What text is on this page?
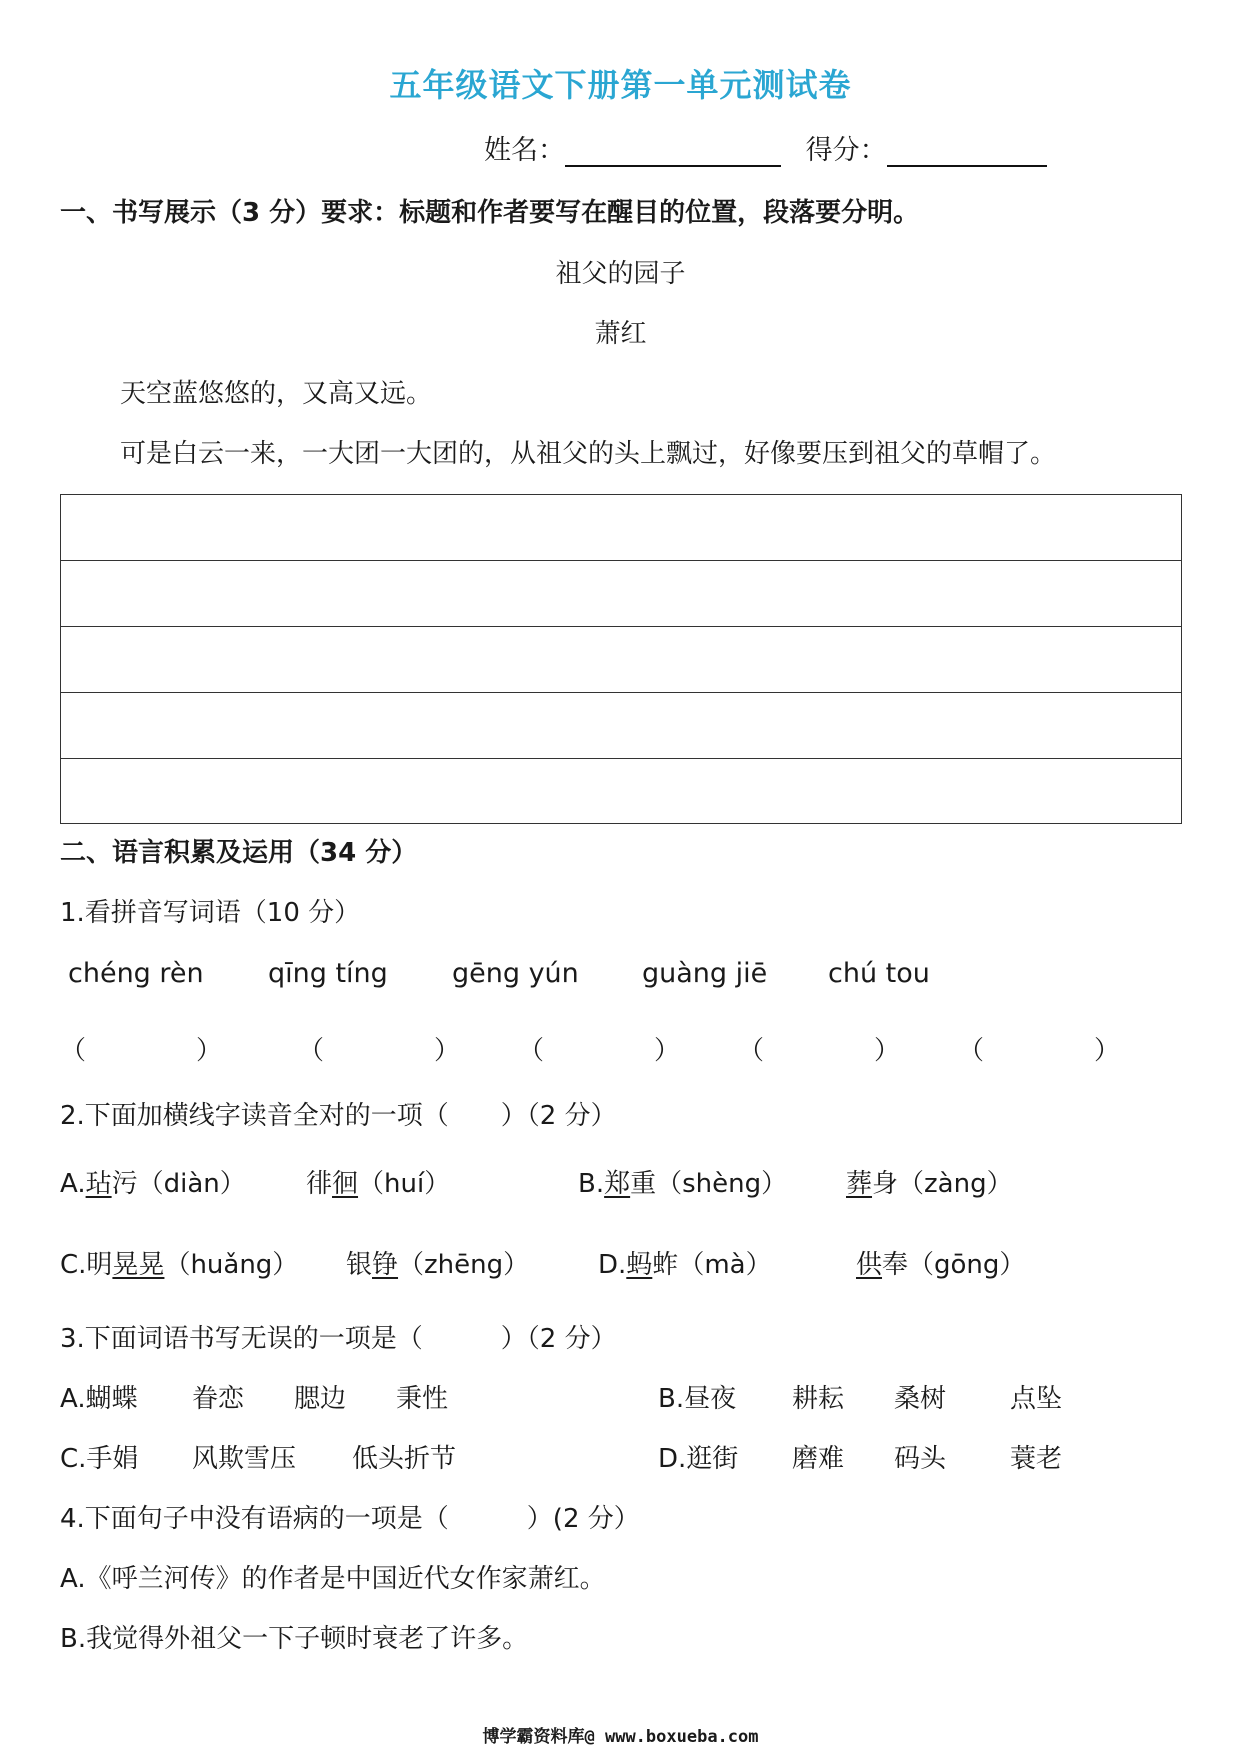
五年级语文下册第一单元测试卷
姓名：	得分：
一、书写展示（3 分）要求：标题和作者要写在醒目的位置，段落要分明。
祖父的园子
萧红
天空蓝悠悠的，又高又远。
可是白云一来，一大团一大团的，从祖父的头上飘过，好像要压到祖父的草帽了。
二、语言积累及运用（34 分）
1.看拼音写词语（10 分）
chéng rèn qīng tíng gēng yún guàng jiē chú tou
（	）	（	） （	） （	） （	）
2.下面加横线字读音全对的一项（　　）（2 分）
A.玷污（diàn） 徘徊（huí）	B.郑重（shèng） 葬身（zàng）
C.明晃晃（huǎng） 银铮（zhēng）	D.蚂蚱（mà）	供奉（gōng）
3.下面词语书写无误的一项是（　　　）（2 分）
A.蝴蝶 眷恋 腮边 秉性	B.昼夜 耕耘 桑树 点坠
C.手娟 风欺雪压 低头折节	D.逛街 磨难 码头 蓑老
4.下面句子中没有语病的一项是（　　　）(2 分）
A.《呼兰河传》的作者是中国近代女作家萧红。
B.我觉得外祖父一下子顿时衰老了许多。
博学霸资料库@ www.boxueba.com
